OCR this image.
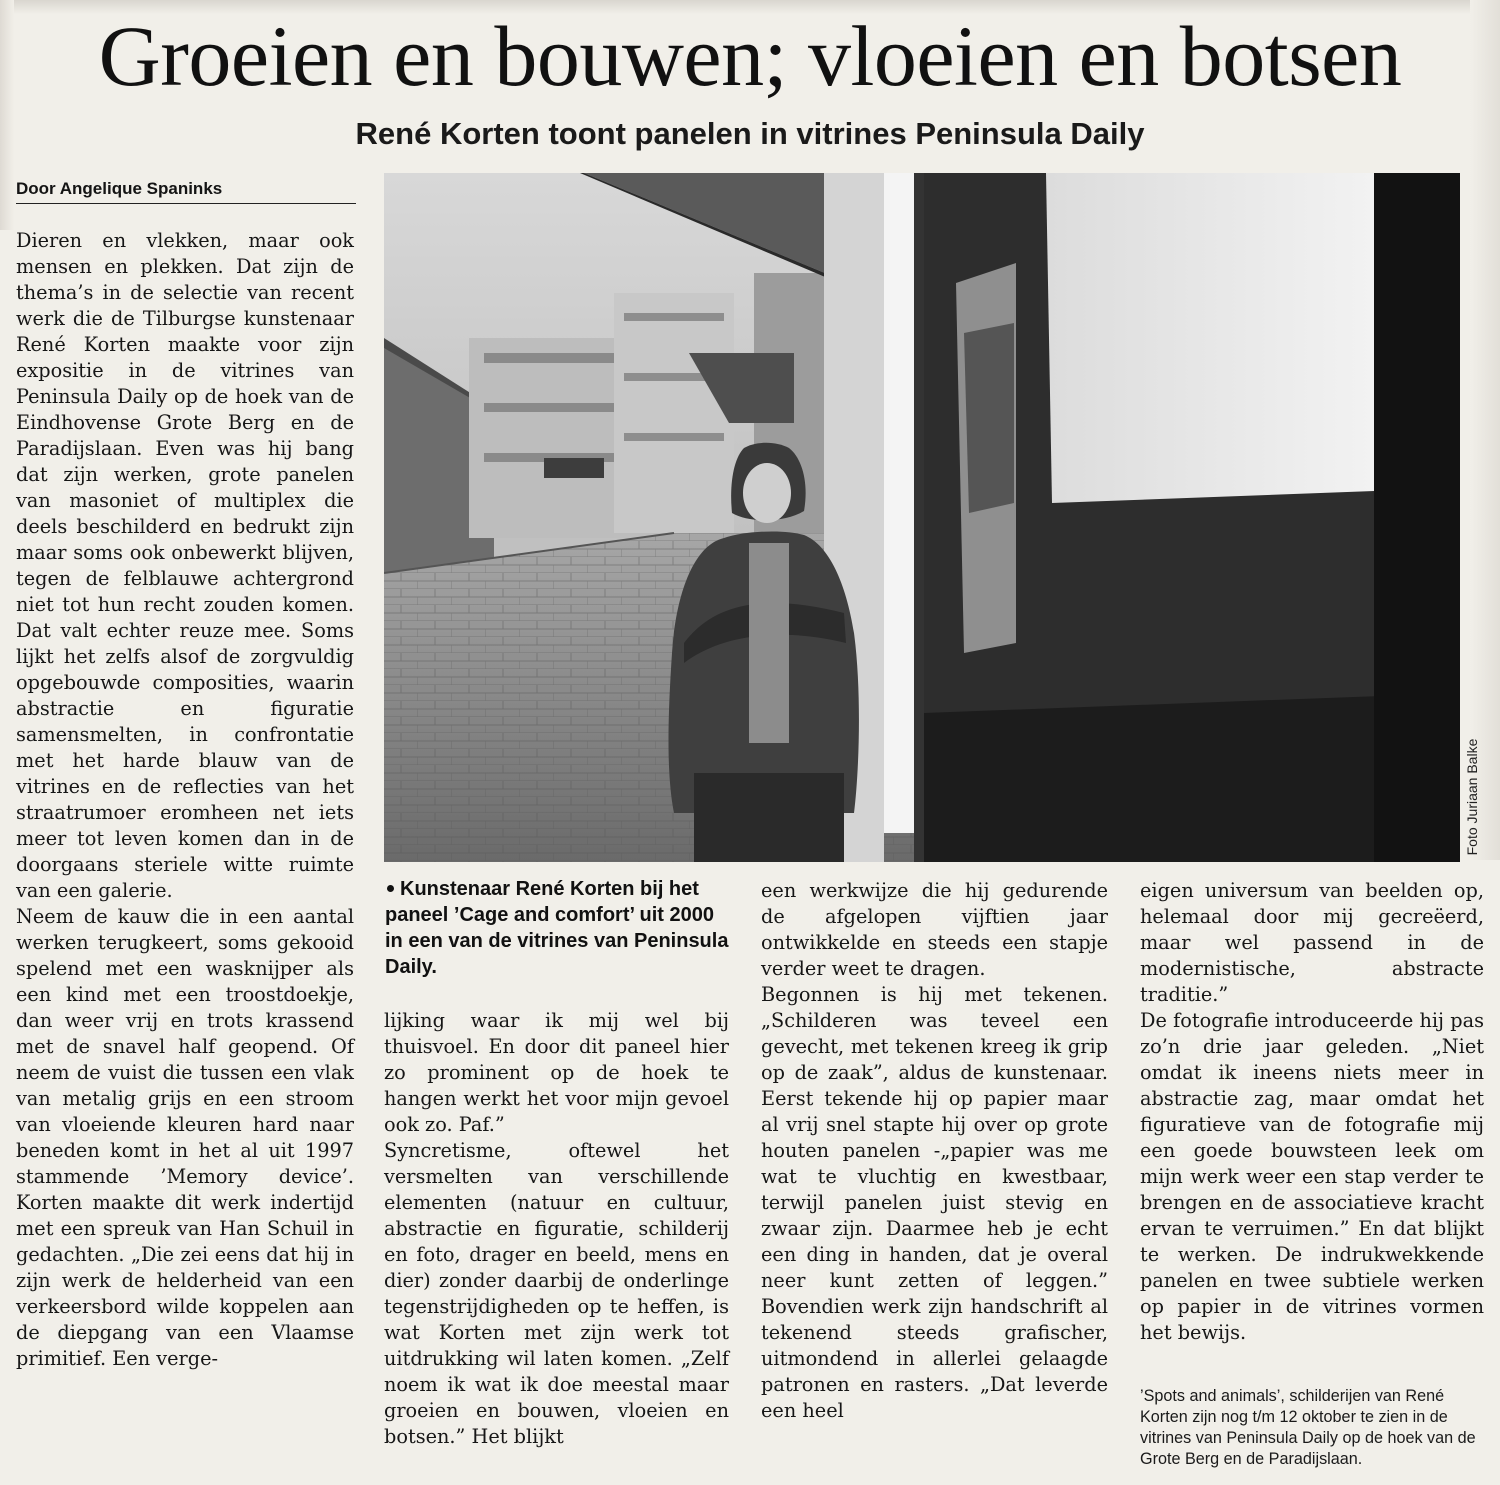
Groeien en bouwen; vloeien en botsen
René Korten toont panelen in vitrines Peninsula Daily
Door Angelique Spaninks

Dieren en vlekken, maar ook mensen en plekken. Dat zijn de thema’s in de selectie van recent werk die de Tilburgse kunstenaar René Korten maakte voor zijn expositie in de vitrines van Peninsula Daily op de hoek van de Eindhovense Grote Berg en de Paradijslaan. Even was hij bang dat zijn werken, grote panelen van masoniet of multiplex die deels beschilderd en bedrukt zijn maar soms ook onbewerkt blijven, tegen de felblauwe achtergrond niet tot hun recht zouden komen. Dat valt echter reuze mee. Soms lijkt het zelfs alsof de zorgvuldig opgebouwde composities, waarin abstractie en figuratie samensmelten, in confrontatie met het harde blauw van de vitrines en de reflecties van het straatrumoer eromheen net iets meer tot leven komen dan in de doorgaans steriele witte ruimte van een galerie.

Neem de kauw die in een aantal werken terugkeert, soms gekooid spelend met een wasknijper als een kind met een troostdoekje, dan weer vrij en trots krassend met de snavel half geopend. Of neem de vuist die tussen een vlak van metalig grijs en een stroom van vloeiende kleuren hard naar beneden komt in het al uit 1997 stammende ’Memory device’. Korten maakte dit werk indertijd met een spreuk van Han Schuil in gedachten. „Die zei eens dat hij in zijn werk de helderheid van een verkeersbord wilde koppelen aan de diepgang van een Vlaamse primitief. Een verge-

Foto Juriaan Balke

Kunstenaar René Korten bij het paneel ’Cage and comfort’ uit 2000 in een van de vitrines van Peninsula Daily.

lijking waar ik mij wel bij thuisvoel. En door dit paneel hier zo prominent op de hoek te hangen werkt het voor mijn gevoel ook zo. Paf.”

Syncretisme, oftewel het versmelten van verschillende elementen (natuur en cultuur, abstractie en figuratie, schilderij en foto, drager en beeld, mens en dier) zonder daarbij de onderlinge tegenstrijdigheden op te heffen, is wat Korten met zijn werk tot uitdrukking wil laten komen. „Zelf noem ik wat ik doe meestal maar groeien en bouwen, vloeien en botsen.” Het blijkt

een werkwijze die hij gedurende de afgelopen vijftien jaar ontwikkelde en steeds een stapje verder weet te dragen.

Begonnen is hij met tekenen. „Schilderen was teveel een gevecht, met tekenen kreeg ik grip op de zaak”, aldus de kunstenaar. Eerst tekende hij op papier maar al vrij snel stapte hij over op grote houten panelen -„papier was me wat te vluchtig en kwestbaar, terwijl panelen juist stevig en zwaar zijn. Daarmee heb je echt een ding in handen, dat je overal neer kunt zetten of leggen.” Bovendien werk zijn handschrift al tekenend steeds grafischer, uitmondend in allerlei gelaagde patronen en rasters. „Dat leverde een heel

eigen universum van beelden op, helemaal door mij gecreëerd, maar wel passend in de modernistische, abstracte traditie.”

De fotografie introduceerde hij pas zo’n drie jaar geleden. „Niet omdat ik ineens niets meer in abstractie zag, maar omdat het figuratieve van de fotografie mij een goede bouwsteen leek om mijn werk weer een stap verder te brengen en de associatieve kracht ervan te verruimen.” En dat blijkt te werken. De indrukwekkende panelen en twee subtiele werken op papier in de vitrines vormen het bewijs.

’Spots and animals’, schilderijen van René Korten zijn nog t/m 12 oktober te zien in de vitrines van Peninsula Daily op de hoek van de Grote Berg en de Paradijslaan.
